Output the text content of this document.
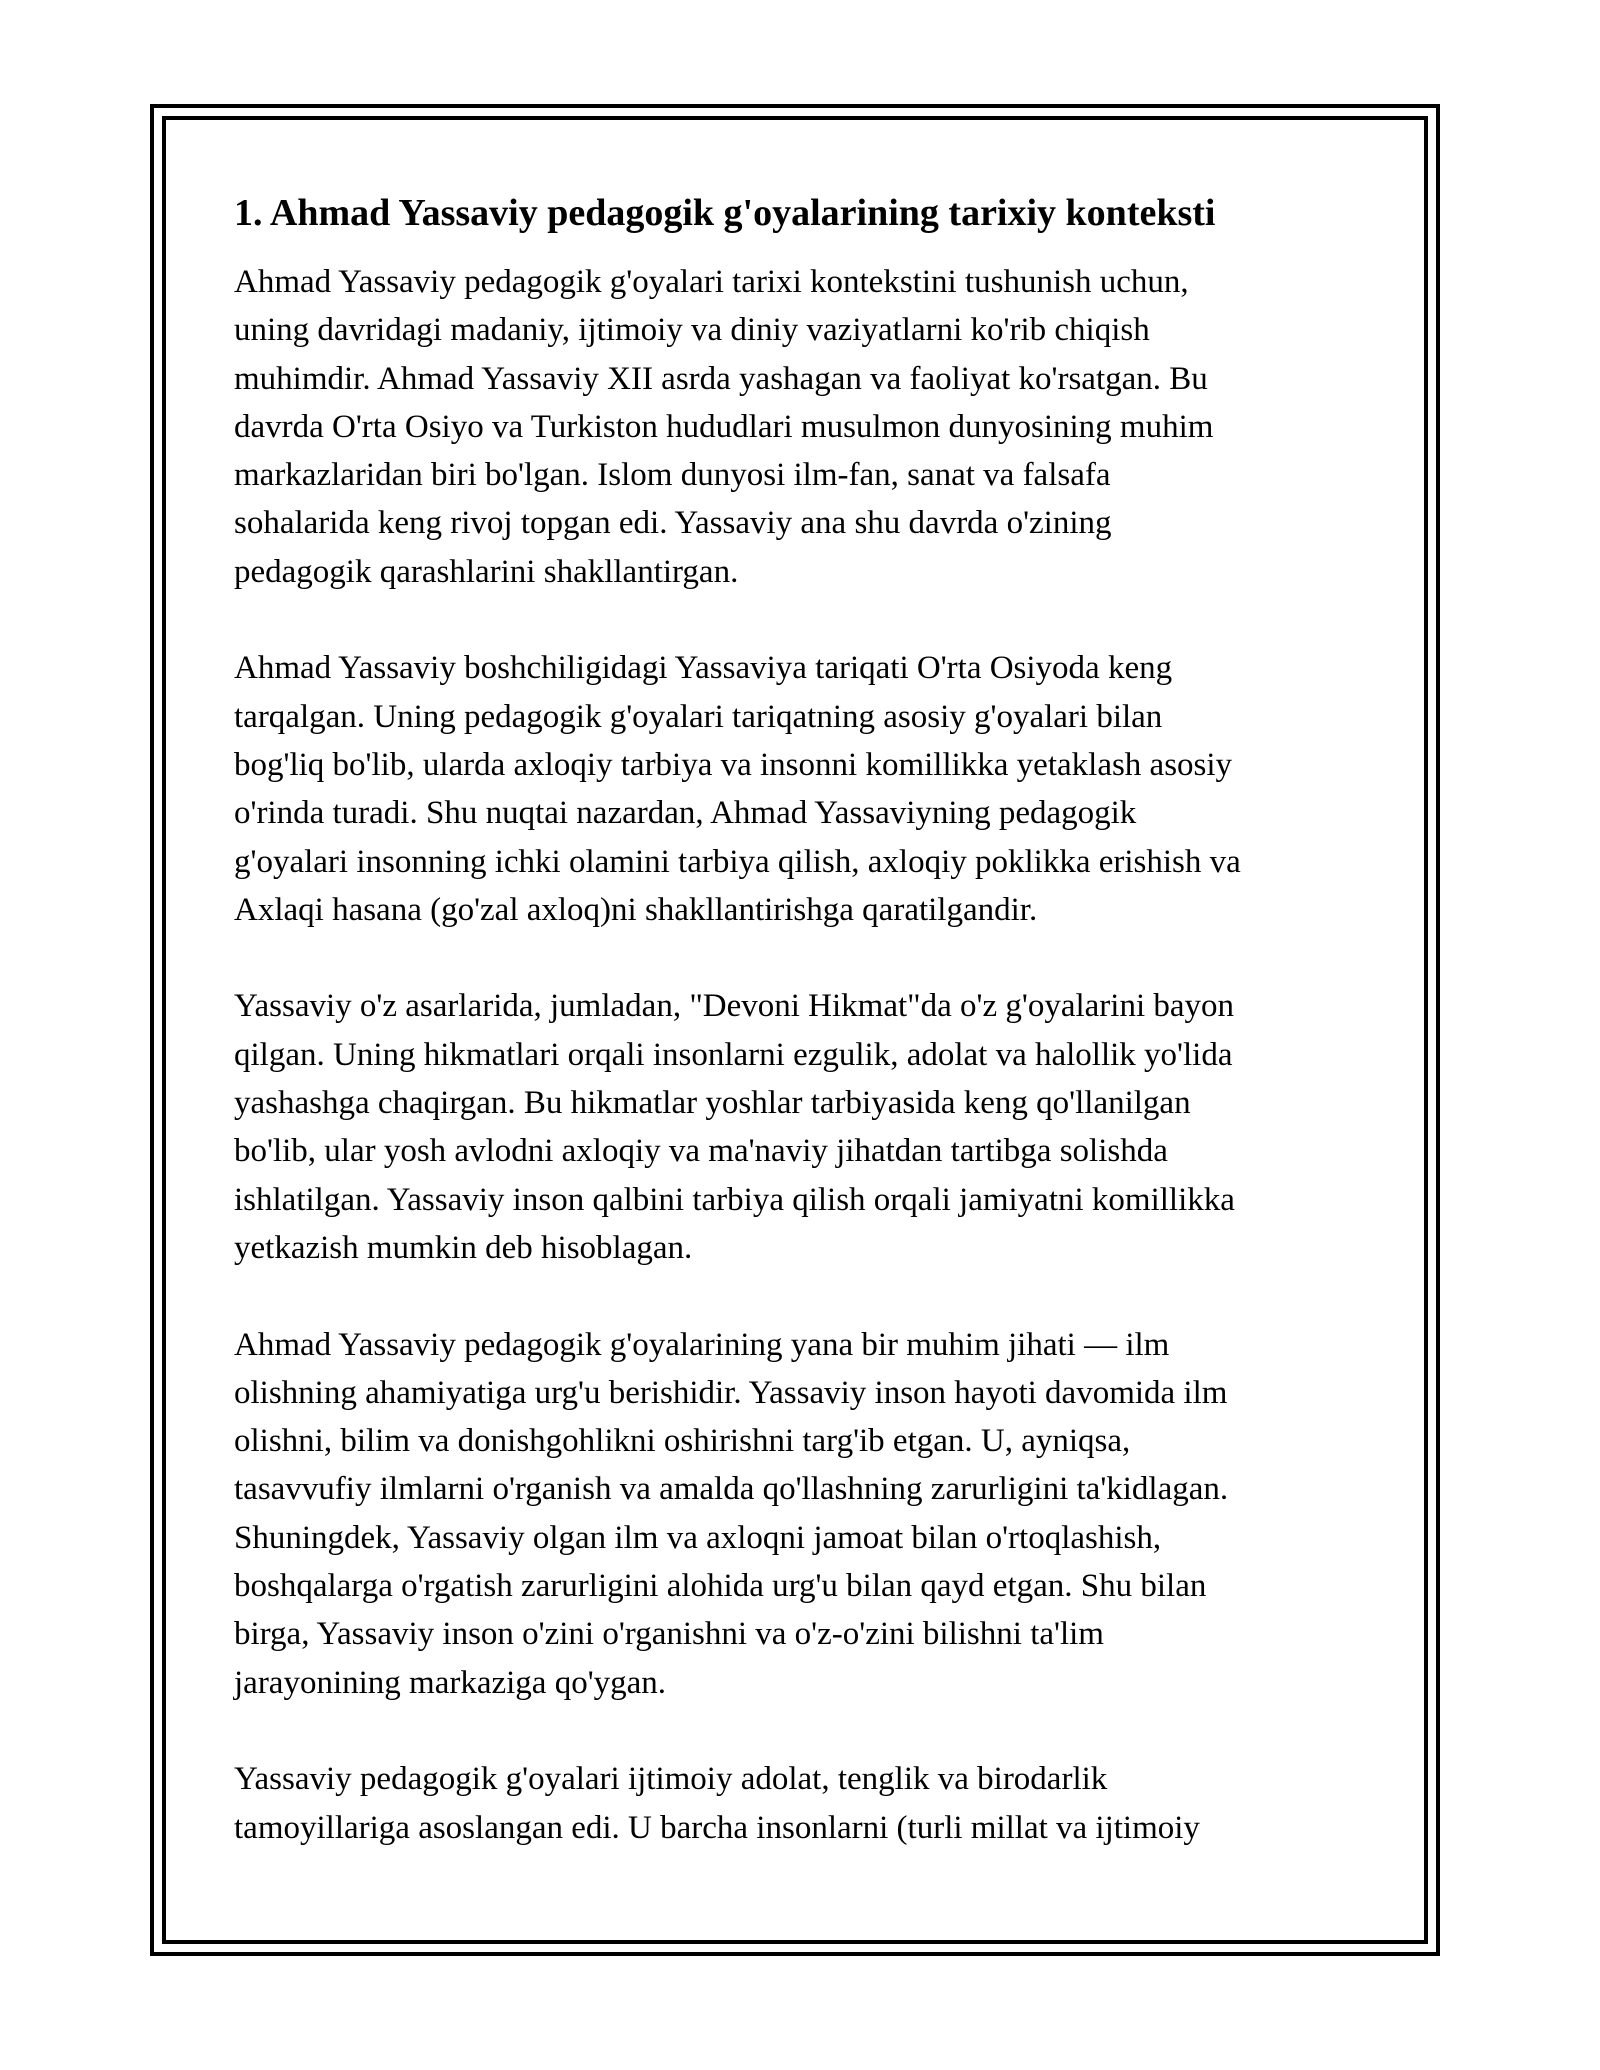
1. Ahmad Yassaviy pedagogik g'oyalarining tarixiy konteksti

Ahmad Yassaviy pedagogik g'oyalari tarixi kontekstini tushunish uchun,
uning davridagi madaniy, ijtimoiy va diniy vaziyatlarni ko'rib chiqish
muhimdir. Ahmad Yassaviy XII asrda yashagan va faoliyat ko'rsatgan. Bu
davrda O'rta Osiyo va Turkiston hududlari musulmon dunyosining muhim
markazlaridan biri bo'lgan. Islom dunyosi ilm-fan, sanat va falsafa
sohalarida keng rivoj topgan edi. Yassaviy ana shu davrda o'zining
pedagogik qarashlarini shakllantirgan.

Ahmad Yassaviy boshchiligidagi Yassaviya tariqati O'rta Osiyoda keng
tarqalgan. Uning pedagogik g'oyalari tariqatning asosiy g'oyalari bilan
bog'liq bo'lib, ularda axloqiy tarbiya va insonni komillikka yetaklash asosiy
o'rinda turadi. Shu nuqtai nazardan, Ahmad Yassaviyning pedagogik
g'oyalari insonning ichki olamini tarbiya qilish, axloqiy poklikka erishish va
Axlaqi hasana (go'zal axloq)ni shakllantirishga qaratilgandir.

Yassaviy o'z asarlarida, jumladan, "Devoni Hikmat"da o'z g'oyalarini bayon
qilgan. Uning hikmatlari orqali insonlarni ezgulik, adolat va halollik yo'lida
yashashga chaqirgan. Bu hikmatlar yoshlar tarbiyasida keng qo'llanilgan
bo'lib, ular yosh avlodni axloqiy va ma'naviy jihatdan tartibga solishda
ishlatilgan. Yassaviy inson qalbini tarbiya qilish orqali jamiyatni komillikka
yetkazish mumkin deb hisoblagan.

Ahmad Yassaviy pedagogik g'oyalarining yana bir muhim jihati — ilm
olishning ahamiyatiga urg'u berishidir. Yassaviy inson hayoti davomida ilm
olishni, bilim va donishgohlikni oshirishni targ'ib etgan. U, ayniqsa,
tasavvufiy ilmlarni o'rganish va amalda qo'llashning zarurligini ta'kidlagan.
Shuningdek, Yassaviy olgan ilm va axloqni jamoat bilan o'rtoqlashish,
boshqalarga o'rgatish zarurligini alohida urg'u bilan qayd etgan. Shu bilan
birga, Yassaviy inson o'zini o'rganishni va o'z-o'zini bilishni ta'lim
jarayonining markaziga qo'ygan.

Yassaviy pedagogik g'oyalari ijtimoiy adolat, tenglik va birodarlik
tamoyillariga asoslangan edi. U barcha insonlarni (turli millat va ijtimoiy
